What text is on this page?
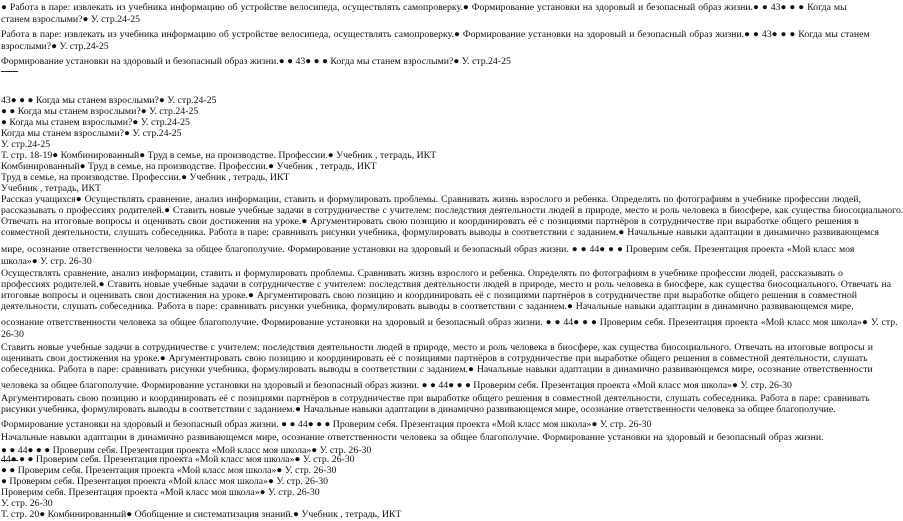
● Работа в паре: извлекать из учебника информацию об устройстве велосипеда, осуществлять самопроверку.● Формирование установки на здоровый и безопасный образ жизни.● ● 43● ● ● Когда мы
станем взрослыми?● У. стр.24-25
Работа в паре: извлекать из учебника информацию об устройстве велосипеда, осуществлять самопроверку.● Формирование установки на здоровый и безопасный образ жизни.● ● 43● ● ● Когда мы станем
взрослыми?● У. стр.24-25
Формирование установки на здоровый и безопасный образ жизни.● ● 43● ● ● Когда мы станем взрослыми?● У. стр.24-25
43● ● ● Когда мы станем взрослыми?● У. стр.24-25
● ● Когда мы станем взрослыми?● У. стр.24-25
● Когда мы станем взрослыми?● У. стр.24-25
Когда мы станем взрослыми?● У. стр.24-25
У. стр.24-25
Т. стр. 18-19● Комбинированный● Труд в семье, на производстве. Профессии.● Учебник , тетрадь, ИКТ
Комбинированный● Труд в семье, на производстве. Профессии.● Учебник , тетрадь, ИКТ
Труд в семье, на производстве. Профессии.● Учебник , тетрадь, ИКТ
Учебник , тетрадь, ИКТ
Рассказ учащихся● Осуществлять сравнение, анализ информации, ставить и формулировать проблемы. Сравнивать жизнь взрослого и ребенка. Определять по фотографиям в учебнике профессии людей,
рассказывать о профессиях родителей.● Ставить новые учебные задачи в сотрудничестве с учителем: последствия деятельности людей в природе, место и роль человека в биосфере, как существа биосоциального.
Отвечать на итоговые вопросы и оценивать свои достижения на уроке.● Аргументировать свою позицию и координировать её с позициями партнёров в сотрудничестве при выработке общего решения в
совместной деятельности, слушать собеседника. Работа в паре: сравнивать рисунки учебника, формулировать выводы в соответствии с заданием.● Начальные навыки адаптации в динамично развивающемся
мире, осознание ответственности человека за общее благополучие. Формирование установки на здоровый и безопасный образ жизни. ● ● 44● ● ● Проверим себя. Презентация проекта «Мой класс моя
школа»● У. стр. 26-30
Осуществлять сравнение, анализ информации, ставить и формулировать проблемы. Сравнивать жизнь взрослого и ребенка. Определять по фотографиям в учебнике профессии людей, рассказывать о
профессиях родителей.● Ставить новые учебные задачи в сотрудничестве с учителем: последствия деятельности людей в природе, место и роль человека в биосфере, как существа биосоциального. Отвечать на
итоговые вопросы и оценивать свои достижения на уроке.● Аргументировать свою позицию и координировать её с позициями партнёров в сотрудничестве при выработке общего решения в совместной
деятельности, слушать собеседника. Работа в паре: сравнивать рисунки учебника, формулировать выводы в соответствии с заданием.● Начальные навыки адаптации в динамично развивающемся мире,
осознание ответственности человека за общее благополучие. Формирование установки на здоровый и безопасный образ жизни. ● ● 44● ● ● Проверим себя. Презентация проекта «Мой класс моя школа»● У. стр.
26-30
Ставить новые учебные задачи в сотрудничестве с учителем: последствия деятельности людей в природе, место и роль человека в биосфере, как существа биосоциального. Отвечать на итоговые вопросы и
оценивать свои достижения на уроке.● Аргументировать свою позицию и координировать её с позициями партнёров в сотрудничестве при выработке общего решения в совместной деятельности, слушать
собеседника. Работа в паре: сравнивать рисунки учебника, формулировать выводы в соответствии с заданием.● Начальные навыки адаптации в динамично развивающемся мире, осознание ответственности
человека за общее благополучие. Формирование установки на здоровый и безопасный образ жизни. ● ● 44● ● ● Проверим себя. Презентация проекта «Мой класс моя школа»● У. стр. 26-30
Аргументировать свою позицию и координировать её с позициями партнёров в сотрудничестве при выработке общего решения в совместной деятельности, слушать собеседника. Работа в паре: сравнивать
рисунки учебника, формулировать выводы в соответствии с заданием.● Начальные навыки адаптации в динамично развивающемся мире, осознание ответственности человека за общее благополучие.
Формирование установки на здоровый и безопасный образ жизни. ● ● 44● ● ● Проверим себя. Презентация проекта «Мой класс моя школа»● У. стр. 26-30
Начальные навыки адаптации в динамично развивающемся мире, осознание ответственности человека за общее благополучие. Формирование установки на здоровый и безопасный образ жизни.
● ● 44● ● ● Проверим себя. Презентация проекта «Мой класс моя школа»● У. стр. 26-30
44● ● ● Проверим себя. Презентация проекта «Мой класс моя школа»● У. стр. 26-30
● ● Проверим себя. Презентация проекта «Мой класс моя школа»● У. стр. 26-30
● Проверим себя. Презентация проекта «Мой класс моя школа»● У. стр. 26-30
Проверим себя. Презентация проекта «Мой класс моя школа»● У. стр. 26-30
У. стр. 26-30
Т. стр. 20● Комбинированный● Обобщение и систематизация знаний.● Учебник , тетрадь, ИКТ
